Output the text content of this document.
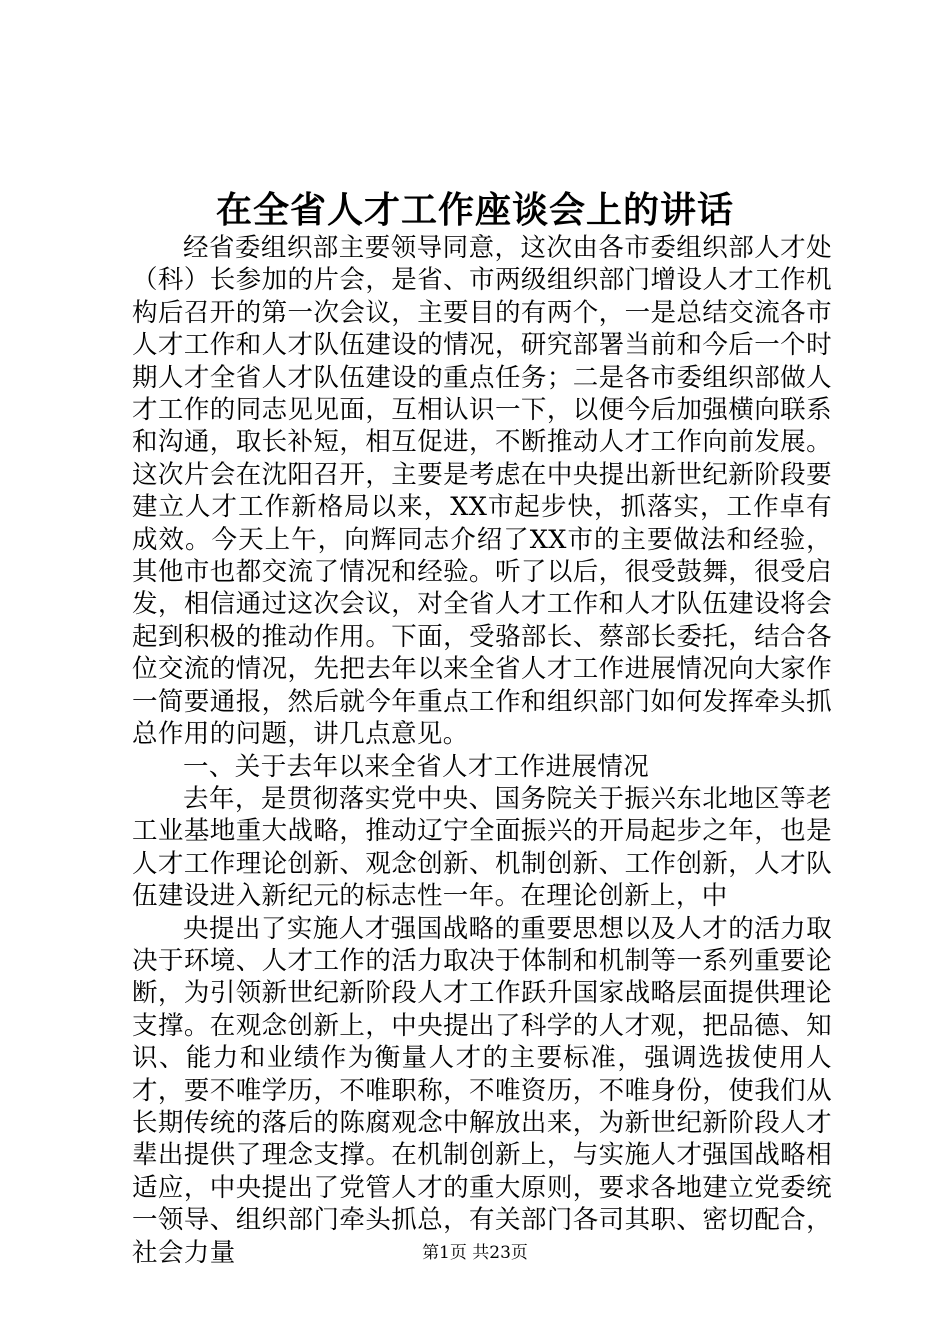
在全省人才工作座谈会上的讲话

经省委组织部主要领导同意，这次由各市委组织部人才处（科）长参加的片会，是省、市两级组织部门增设人才工作机构后召开的第一次会议，主要目的有两个，一是总结交流各市人才工作和人才队伍建设的情况，研究部署当前和今后一个时期人才全省人才队伍建设的重点任务；二是各市委组织部做人才工作的同志见见面，互相认识一下，以便今后加强横向联系和沟通，取长补短，相互促进，不断推动人才工作向前发展。这次片会在沈阳召开，主要是考虑在中央提出新世纪新阶段要建立人才工作新格局以来，XX市起步快，抓落实，工作卓有成效。今天上午，向辉同志介绍了XX市的主要做法和经验，其他市也都交流了情况和经验。听了以后，很受鼓舞，很受启发，相信通过这次会议，对全省人才工作和人才队伍建设将会起到积极的推动作用。下面，受骆部长、蔡部长委托，结合各位交流的情况，先把去年以来全省人才工作进展情况向大家作一简要通报，然后就今年重点工作和组织部门如何发挥牵头抓总作用的问题，讲几点意见。

一、关于去年以来全省人才工作进展情况

去年，是贯彻落实党中央、国务院关于振兴东北地区等老工业基地重大战略，推动辽宁全面振兴的开局起步之年，也是人才工作理论创新、观念创新、机制创新、工作创新，人才队伍建设进入新纪元的标志性一年。在理论创新上，中

央提出了实施人才强国战略的重要思想以及人才的活力取决于环境、人才工作的活力取决于体制和机制等一系列重要论断，为引领新世纪新阶段人才工作跃升国家战略层面提供理论支撑。在观念创新上，中央提出了科学的人才观，把品德、知识、能力和业绩作为衡量人才的主要标准，强调选拔使用人才，要不唯学历，不唯职称，不唯资历，不唯身份，使我们从长期传统的落后的陈腐观念中解放出来，为新世纪新阶段人才辈出提供了理念支撑。在机制创新上，与实施人才强国战略相适应，中央提出了党管人才的重大原则，要求各地建立党委统一领导、组织部门牵头抓总，有关部门各司其职、密切配合，社会力量	第1页 共23页
